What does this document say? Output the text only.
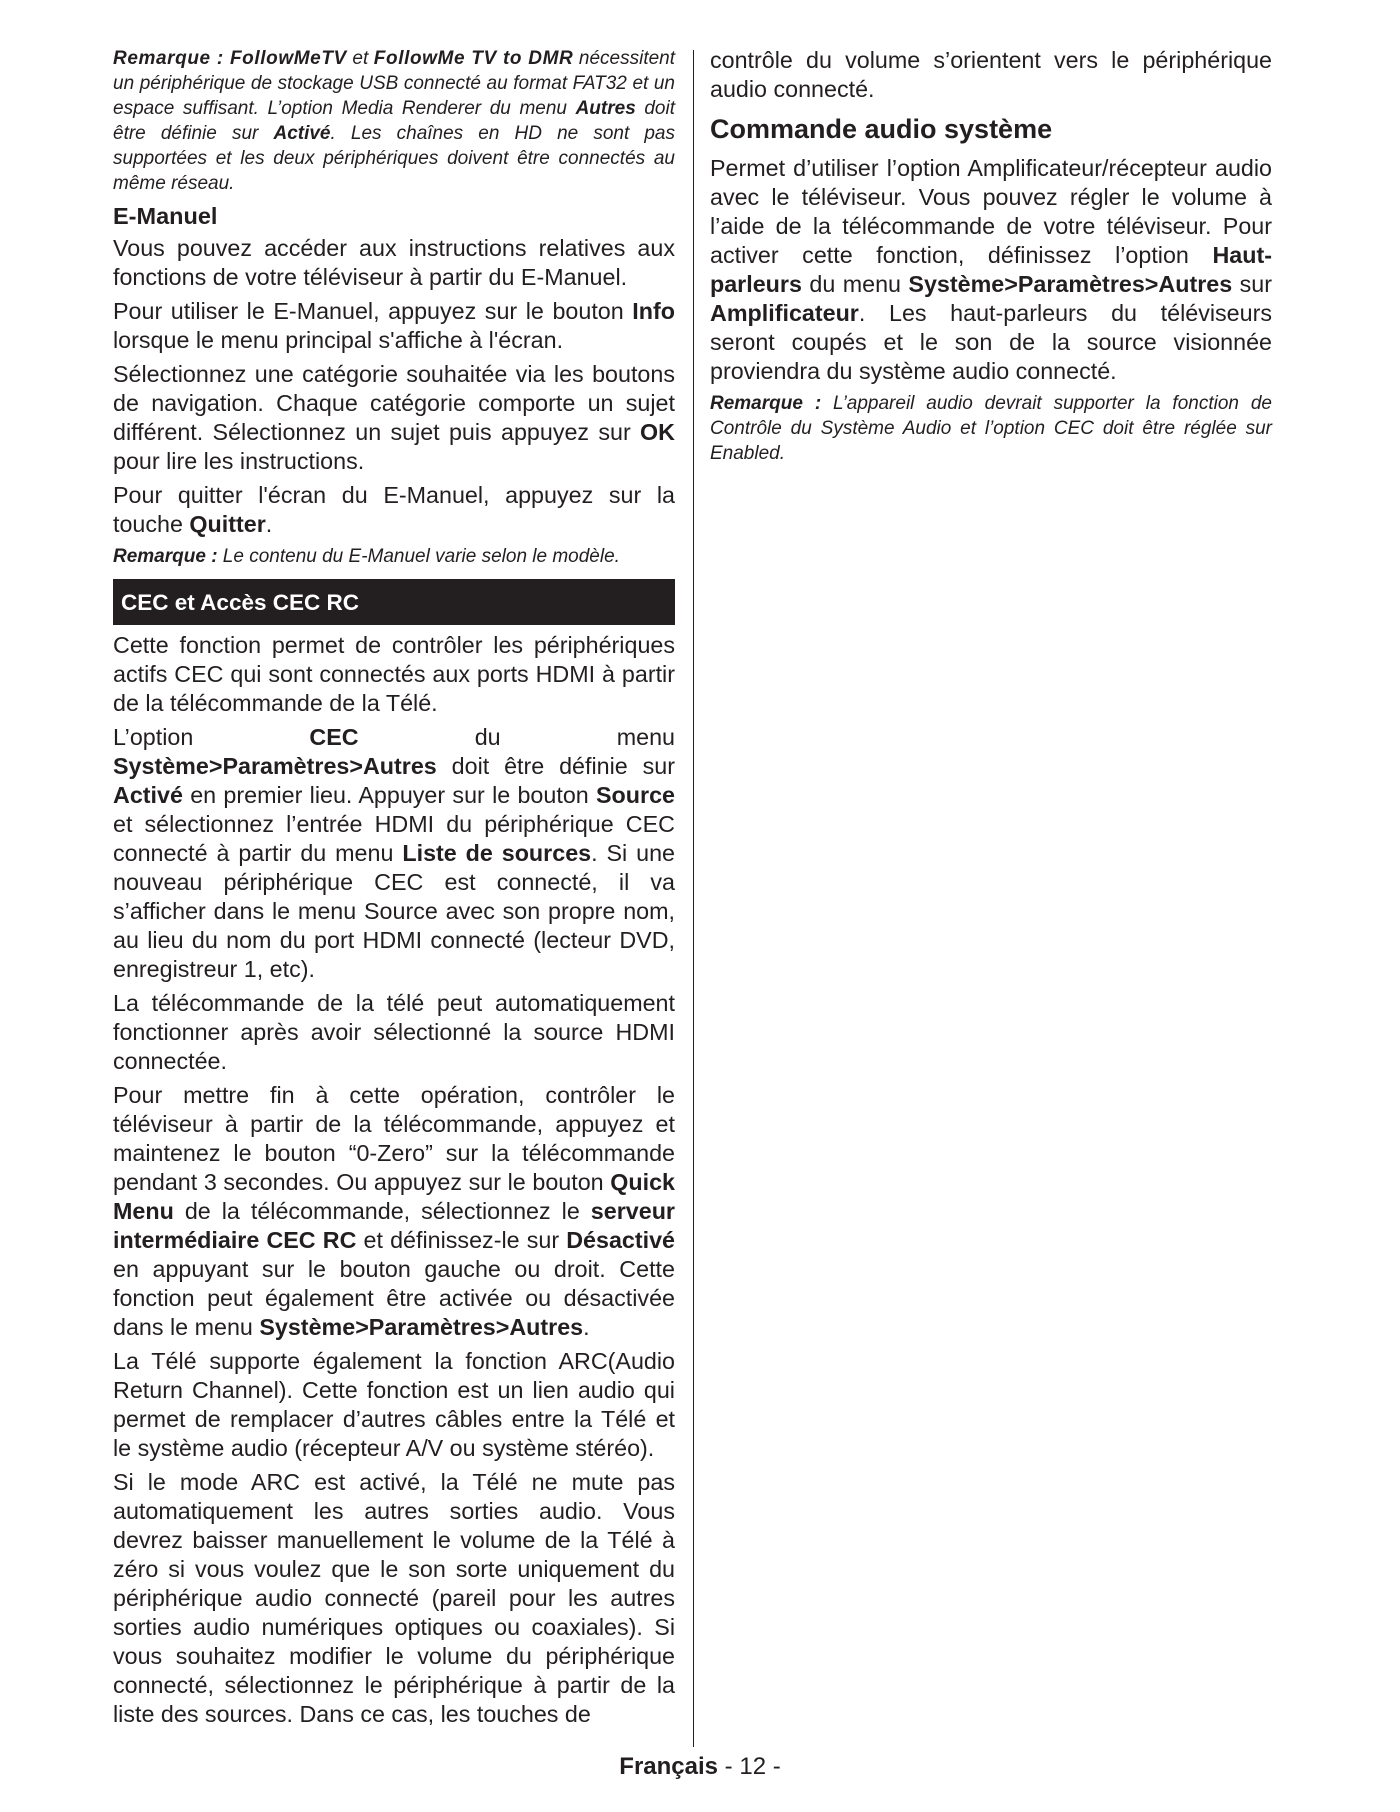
Remarque : FollowMeTV et FollowMe TV to DMR nécessitent un périphérique de stockage USB connecté au format FAT32 et un espace suffisant. L’option Media Renderer du menu Autres doit être définie sur Activé. Les chaînes en HD ne sont pas supportées et les deux périphériques doivent être connectés au même réseau.

E-Manuel

Vous pouvez accéder aux instructions relatives aux fonctions de votre téléviseur à partir du E-Manuel.

Pour utiliser le E-Manuel, appuyez sur le bouton Info lorsque le menu principal s'affiche à l'écran.

Sélectionnez une catégorie souhaitée via les boutons de navigation. Chaque catégorie comporte un sujet différent. Sélectionnez un sujet puis appuyez sur OK pour lire les instructions.

Pour quitter l'écran du E-Manuel, appuyez sur la touche Quitter.

Remarque : Le contenu du E-Manuel varie selon le modèle.

CEC et Accès CEC RC

Cette fonction permet de contrôler les périphériques actifs CEC qui sont connectés aux ports HDMI à partir de la télécommande de la Télé.

L’option CEC du menu Système>Paramètres>Autres doit être définie sur Activé en premier lieu. Appuyer sur le bouton Source et sélectionnez l’entrée HDMI du périphérique CEC connecté à partir du menu Liste de sources. Si une nouveau périphérique CEC est connecté, il va s’afficher dans le menu Source avec son propre nom, au lieu du nom du port HDMI connecté (lecteur DVD, enregistreur 1, etc).

La télécommande de la télé peut automatiquement fonctionner après avoir sélectionné la source HDMI connectée.

Pour mettre fin à cette opération, contrôler le téléviseur à partir de la télécommande, appuyez et maintenez le bouton “0-Zero” sur la télécommande pendant 3 secondes. Ou appuyez sur le bouton Quick Menu de la télécommande, sélectionnez le serveur intermédiaire CEC RC et définissez-le sur Désactivé en appuyant sur le bouton gauche ou droit. Cette fonction peut également être activée ou désactivée dans le menu Système>Paramètres>Autres.

La Télé supporte également la fonction ARC(Audio Return Channel). Cette fonction est un lien audio qui permet de remplacer d’autres câbles entre la Télé et le système audio (récepteur A/V ou système stéréo).

Si le mode ARC est activé, la Télé ne mute pas automatiquement les autres sorties audio. Vous devrez baisser manuellement le volume de la Télé à zéro si vous voulez que le son sorte uniquement du périphérique audio connecté (pareil pour les autres sorties audio numériques optiques ou coaxiales). Si vous souhaitez modifier le volume du périphérique connecté, sélectionnez le périphérique à partir de la liste des sources. Dans ce cas, les touches de

contrôle du volume s’orientent vers le périphérique audio connecté.

Commande audio système

Permet d’utiliser l’option Amplificateur/récepteur audio avec le téléviseur. Vous pouvez régler le volume à l’aide de la télécommande de votre téléviseur. Pour activer cette fonction, définissez l’option Haut-parleurs du menu Système>Paramètres>Autres sur Amplificateur. Les haut-parleurs du téléviseurs seront coupés et le son de la source visionnée proviendra du système audio connecté.

Remarque : L’appareil audio devrait supporter la fonction de Contrôle du Système Audio et l’option CEC doit être réglée sur Enabled.

Français - 12 -
